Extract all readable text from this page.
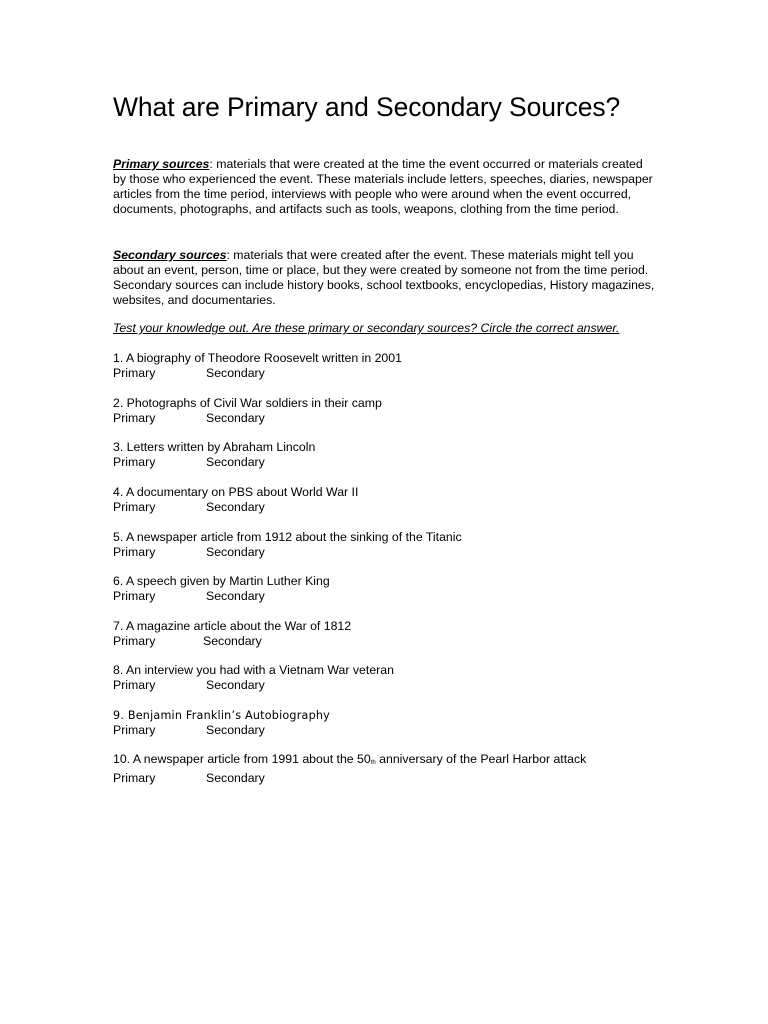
What are Primary and Secondary Sources?

Primary sources: materials that were created at the time the event occurred or materials created by those who experienced the event. These materials include letters, speeches, diaries, newspaper articles from the time period, interviews with people who were around when the event occurred, documents, photographs, and artifacts such as tools, weapons, clothing from the time period.

Secondary sources: materials that were created after the event. These materials might tell you about an event, person, time or place, but they were created by someone not from the time period. Secondary sources can include history books, school textbooks, encyclopedias, History magazines, websites, and documentaries.

Test your knowledge out. Are these primary or secondary sources? Circle the correct answer.

1. A biography of Theodore Roosevelt written in 2001
Primary	Secondary
2. Photographs of Civil War soldiers in their camp
Primary	Secondary
3. Letters written by Abraham Lincoln
Primary	Secondary
4. A documentary on PBS about World War II
Primary	Secondary
5. A newspaper article from 1912 about the sinking of the Titanic
Primary	Secondary
6. A speech given by Martin Luther King
Primary	Secondary
7. A magazine article about the War of 1812
Primary	Secondary
8. An interview you had with a Vietnam War veteran
Primary	Secondary
9. Benjamin Franklin’s Autobiography
Primary	Secondary
10. A newspaper article from 1991 about the 50th anniversary of the Pearl Harbor attack
Primary	Secondary
